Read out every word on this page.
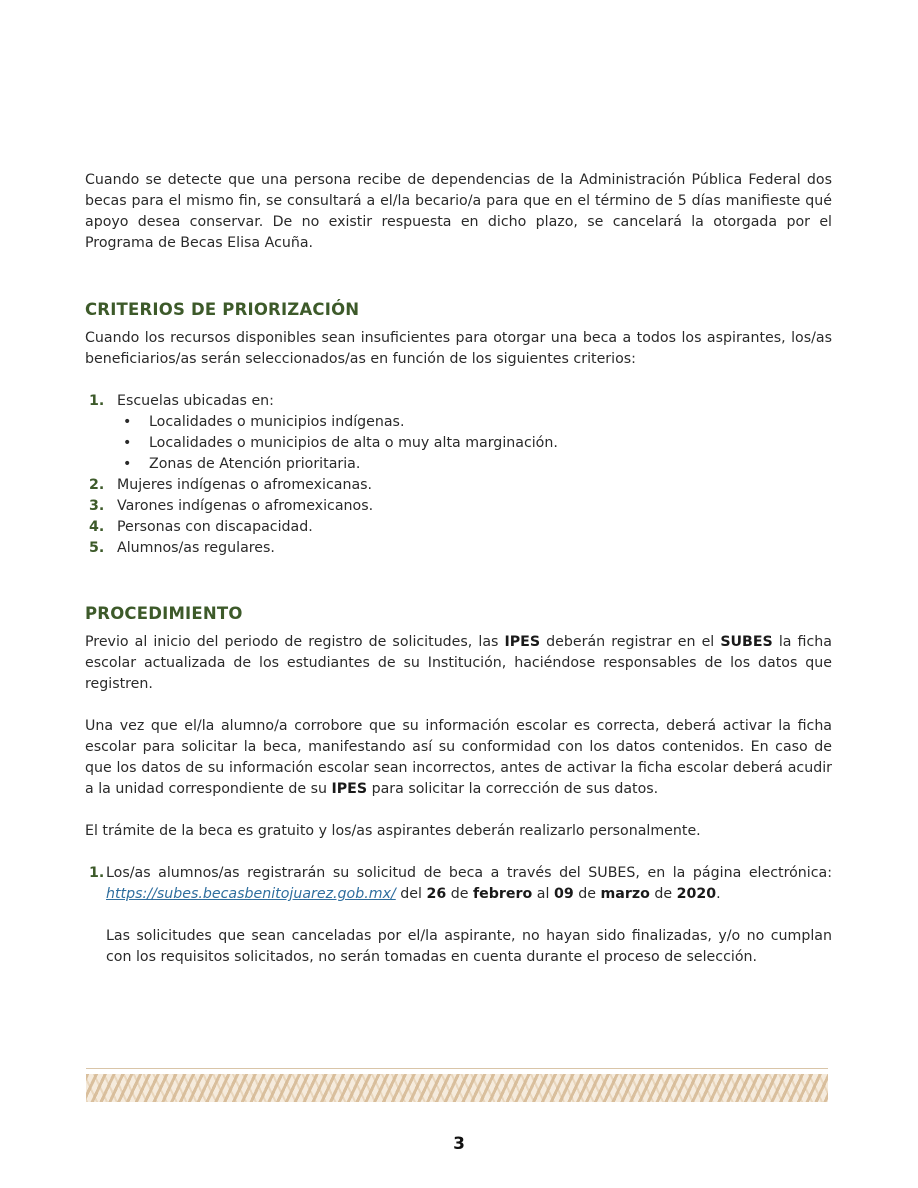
Cuando se detecte que una persona recibe de dependencias de la Administración Pública Federal dos becas para el mismo fin, se consultará a el/la becario/a para que en el término de 5 días manifieste qué apoyo desea conservar. De no existir respuesta en dicho plazo, se cancelará la otorgada por el Programa de Becas Elisa Acuña.

CRITERIOS DE PRIORIZACIÓN

Cuando los recursos disponibles sean insuficientes para otorgar una beca a todos los aspirantes, los/as beneficiarios/as serán seleccionados/as en función de los siguientes criterios:

1. Escuelas ubicadas en:
• Localidades o municipios indígenas.
• Localidades o municipios de alta o muy alta marginación.
• Zonas de Atención prioritaria.
2. Mujeres indígenas o afromexicanas.
3. Varones indígenas o afromexicanos.
4. Personas con discapacidad.
5. Alumnos/as regulares.
PROCEDIMIENTO

Previo al inicio del periodo de registro de solicitudes, las IPES deberán registrar en el SUBES la ficha escolar actualizada de los estudiantes de su Institución, haciéndose responsables de los datos que registren.

Una vez que el/la alumno/a corrobore que su información escolar es correcta, deberá activar la ficha escolar para solicitar la beca, manifestando así su conformidad con los datos contenidos. En caso de que los datos de su información escolar sean incorrectos, antes de activar la ficha escolar deberá acudir a la unidad correspondiente de su IPES para solicitar la corrección de sus datos.

El trámite de la beca es gratuito y los/as aspirantes deberán realizarlo personalmente.

1. Los/as alumnos/as registrarán su solicitud de beca a través del SUBES, en la página electrónica: https://subes.becasbenitojuarez.gob.mx/ del 26 de febrero al 09 de marzo de 2020.

Las solicitudes que sean canceladas por el/la aspirante, no hayan sido finalizadas, y/o no cumplan con los requisitos solicitados, no serán tomadas en cuenta durante el proceso de selección.

3
